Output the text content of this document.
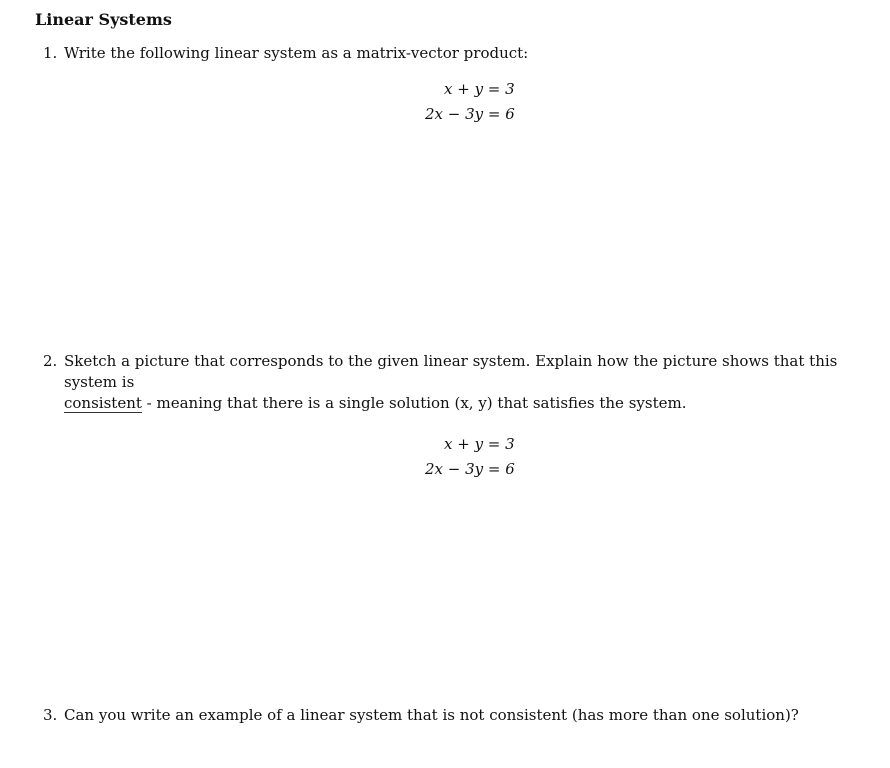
Linear Systems
1. Write the following linear system as a matrix-vector product:
x + y = 3
2x − 3y = 6
2. Sketch a picture that corresponds to the given linear system. Explain how the picture shows that this system is
consistent - meaning that there is a single solution (x, y) that satisfies the system.
x + y = 3
2x − 3y = 6
3. Can you write an example of a linear system that is not consistent (has more than one solution)?
